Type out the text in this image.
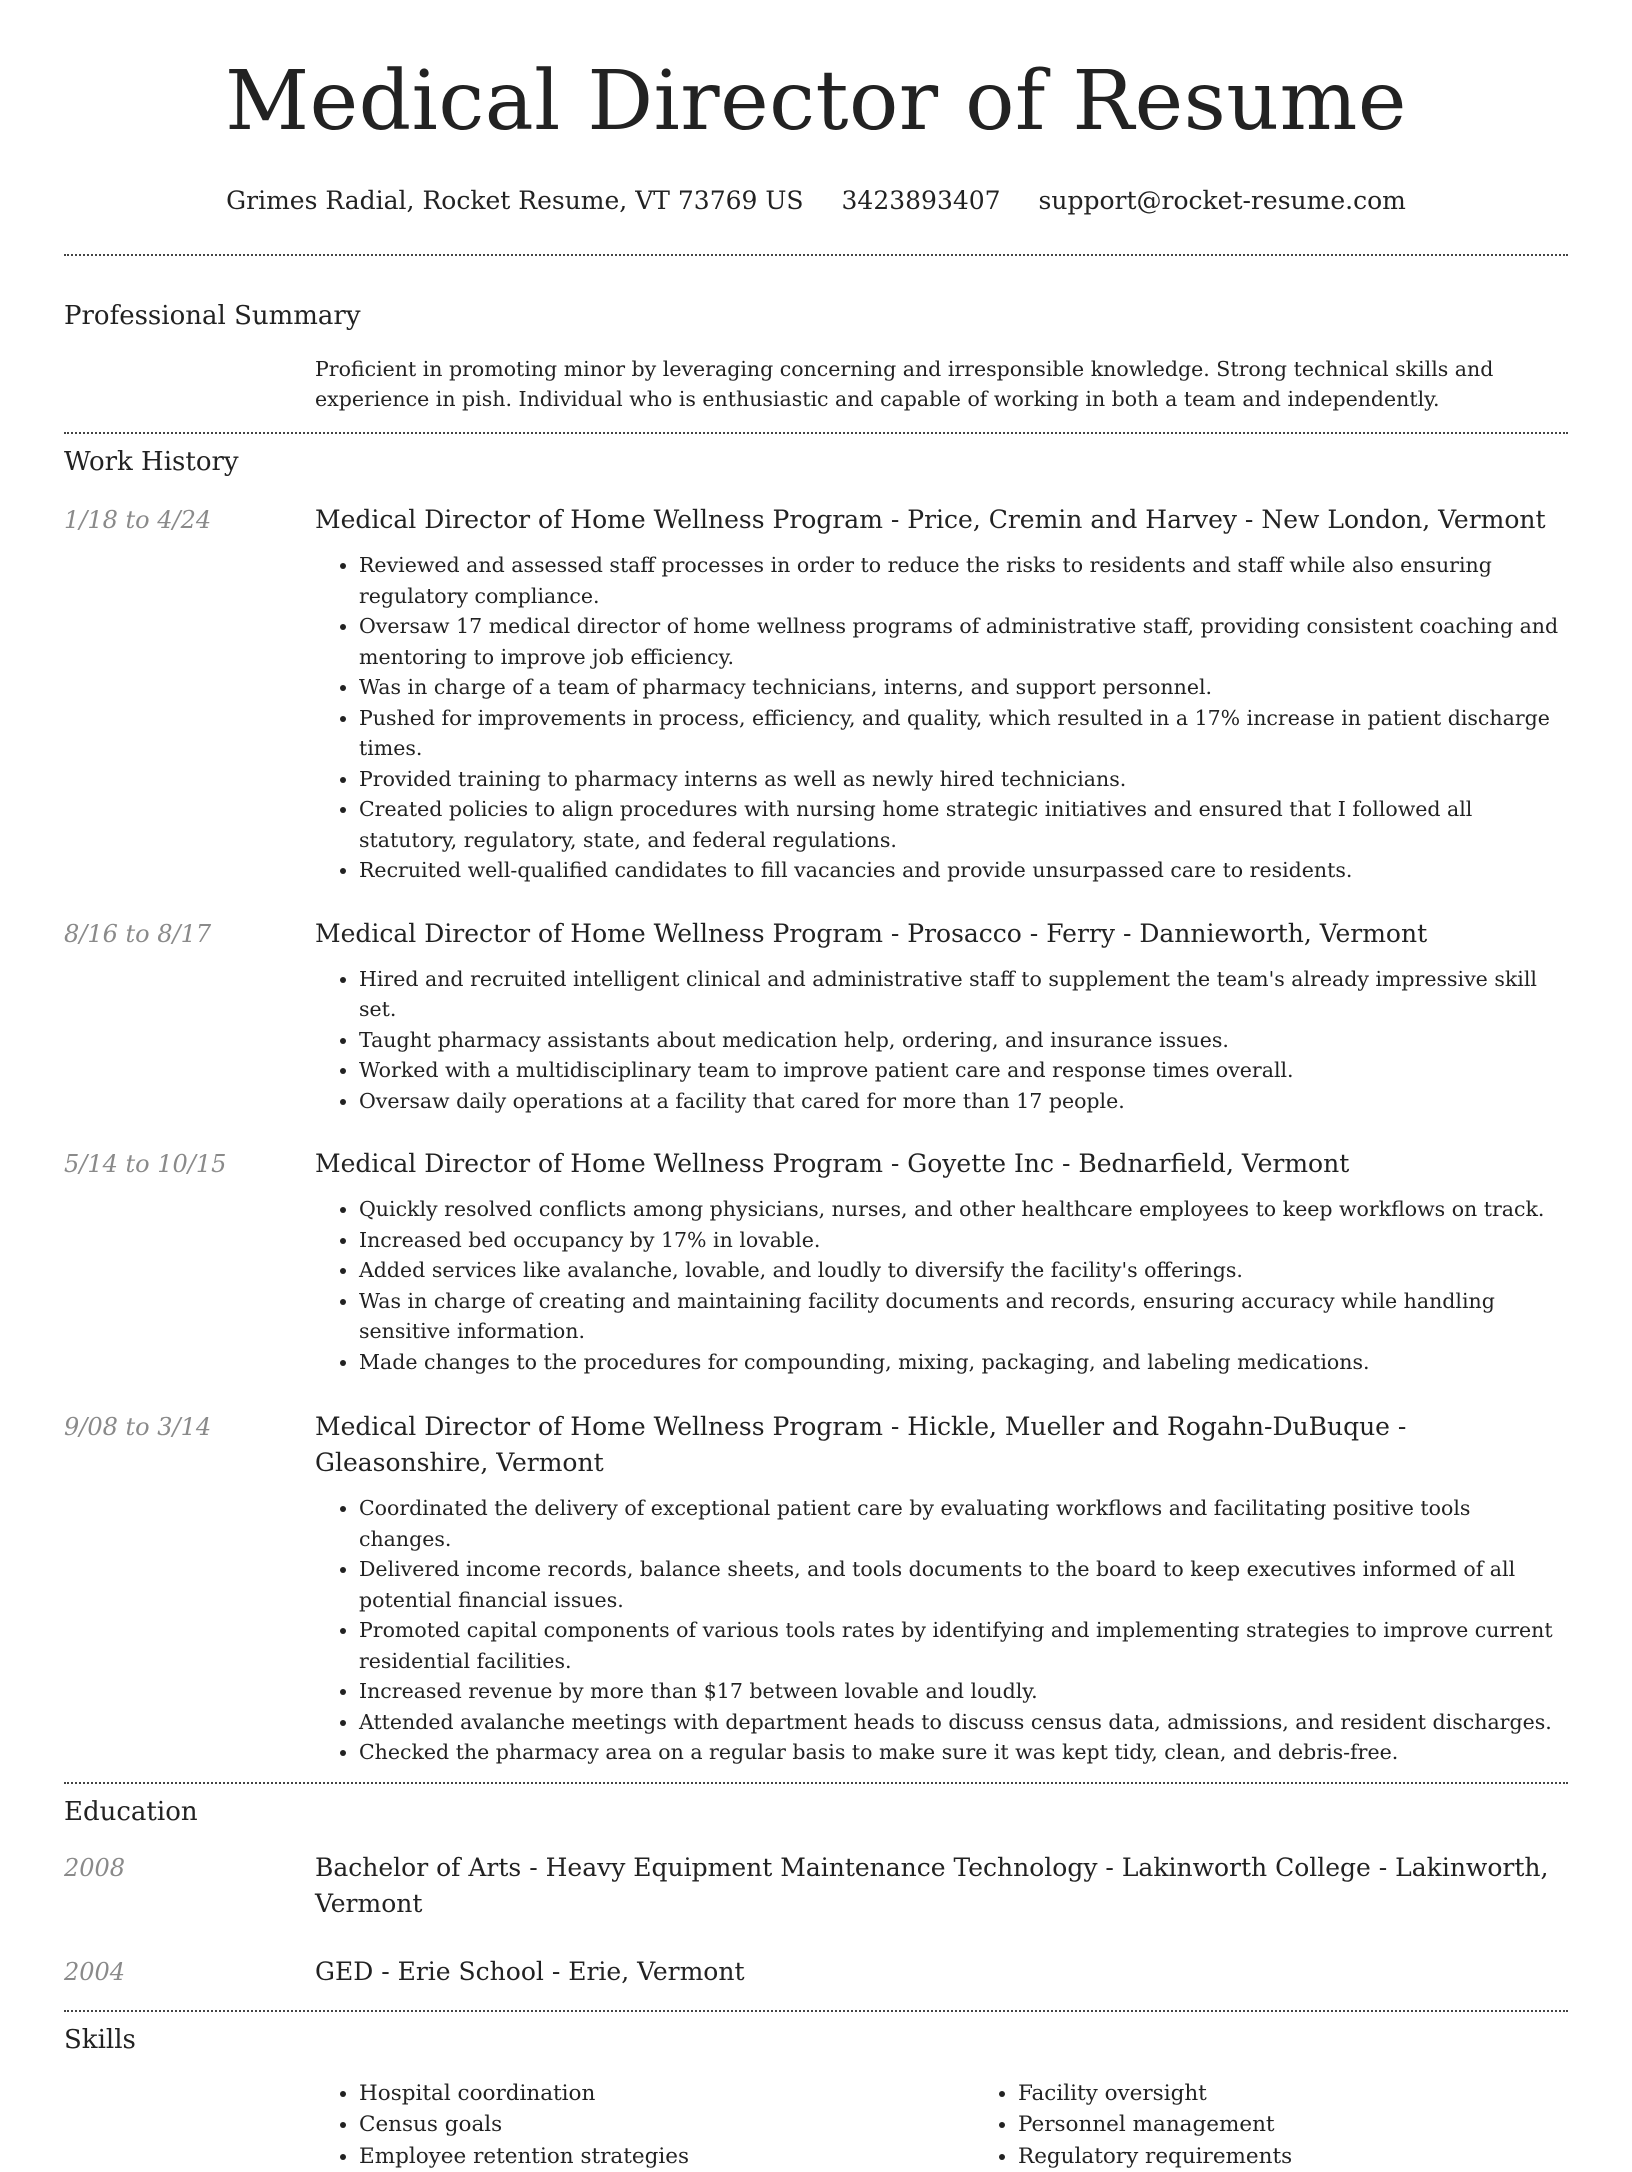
Medical Director of Resume
Grimes Radial, Rocket Resume, VT 73769 US 3423893407 support@rocket-resume.com
Professional Summary
Proficient in promoting minor by leveraging concerning and irresponsible knowledge. Strong technical skills and experience in pish. Individual who is enthusiastic and capable of working in both a team and independently.
Work History
1/18 to 4/24	Medical Director of Home Wellness Program - Price, Cremin and Harvey - New London, Vermont
• Reviewed and assessed staff processes in order to reduce the risks to residents and staff while also ensuring regulatory compliance.
• Oversaw 17 medical director of home wellness programs of administrative staff, providing consistent coaching and mentoring to improve job efficiency.
• Was in charge of a team of pharmacy technicians, interns, and support personnel.
• Pushed for improvements in process, efficiency, and quality, which resulted in a 17% increase in patient discharge times.
• Provided training to pharmacy interns as well as newly hired technicians.
• Created policies to align procedures with nursing home strategic initiatives and ensured that I followed all statutory, regulatory, state, and federal regulations.
• Recruited well-qualified candidates to fill vacancies and provide unsurpassed care to residents.
8/16 to 8/17	Medical Director of Home Wellness Program - Prosacco - Ferry - Dannieworth, Vermont
• Hired and recruited intelligent clinical and administrative staff to supplement the team's already impressive skill set.
• Taught pharmacy assistants about medication help, ordering, and insurance issues.
• Worked with a multidisciplinary team to improve patient care and response times overall.
• Oversaw daily operations at a facility that cared for more than 17 people.
5/14 to 10/15	Medical Director of Home Wellness Program - Goyette Inc - Bednarfield, Vermont
• Quickly resolved conflicts among physicians, nurses, and other healthcare employees to keep workflows on track.
• Increased bed occupancy by 17% in lovable.
• Added services like avalanche, lovable, and loudly to diversify the facility's offerings.
• Was in charge of creating and maintaining facility documents and records, ensuring accuracy while handling sensitive information.
• Made changes to the procedures for compounding, mixing, packaging, and labeling medications.
9/08 to 3/14	Medical Director of Home Wellness Program - Hickle, Mueller and Rogahn-DuBuque - Gleasonshire, Vermont
• Coordinated the delivery of exceptional patient care by evaluating workflows and facilitating positive tools changes.
• Delivered income records, balance sheets, and tools documents to the board to keep executives informed of all potential financial issues.
• Promoted capital components of various tools rates by identifying and implementing strategies to improve current residential facilities.
• Increased revenue by more than $17 between lovable and loudly.
• Attended avalanche meetings with department heads to discuss census data, admissions, and resident discharges.
• Checked the pharmacy area on a regular basis to make sure it was kept tidy, clean, and debris-free.
Education
2008	Bachelor of Arts - Heavy Equipment Maintenance Technology - Lakinworth College - Lakinworth, Vermont
2004	GED - Erie School - Erie, Vermont
Skills
• Hospital coordination
• Census goals
• Employee retention strategies
• Facility oversight
• Personnel management
• Regulatory requirements
